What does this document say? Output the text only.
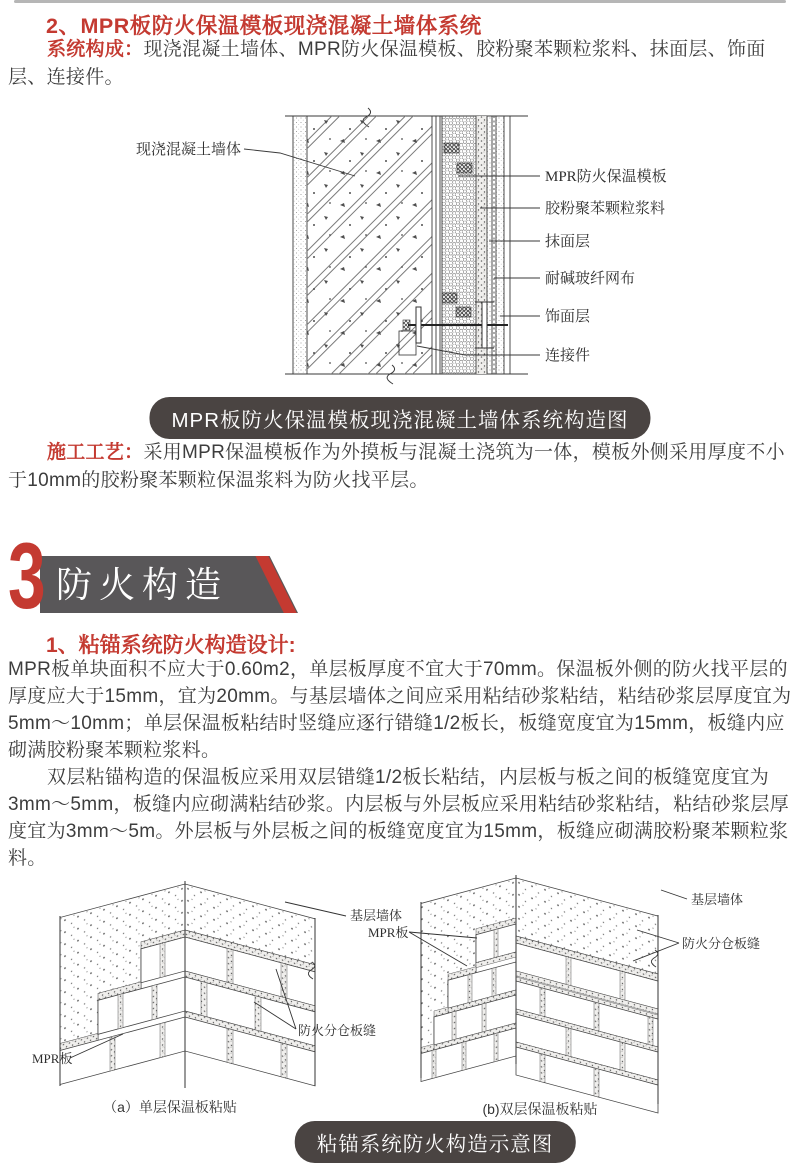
2、MPR板防火保温模板现浇混凝土墙体系统
系统构成：现浇混凝土墙体、MPR防火保温模板、胶粉聚苯颗粒浆料、抹面层、饰面层、连接件。
现浇混凝土墙体
MPR防火保温模板
胶粉聚苯颗粒浆料
抹面层
耐碱玻纤网布
饰面层
连接件
MPR板防火保温模板现浇混凝土墙体系统构造图
施工工艺：采用MPR保温模板作为外摸板与混凝土浇筑为一体，模板外侧采用厚度不小于10mm的胶粉聚苯颗粒保温浆料为防火找平层。
3 防火构造
1、粘锚系统防火构造设计:

MPR板单块面积不应大于0.60m2，单层板厚度不宜大于70mm。保温板外侧的防火找平层的厚度应大于15mm，宜为20mm。与基层墙体之间应采用粘结砂浆粘结，粘结砂浆层厚度宜为5mm～10mm；单层保温板粘结时竖缝应逐行错缝1/2板长，板缝宽度宜为15mm，板缝内应砌满胶粉聚苯颗粒浆料。

双层粘锚构造的保温板应采用双层错缝1/2板长粘结，内层板与板之间的板缝宽度宜为3mm～5mm，板缝内应砌满粘结砂浆。内层板与外层板应采用粘结砂浆粘结，粘结砂浆层厚度宜为3mm～5m。外层板与外层板之间的板缝宽度宜为15mm，板缝应砌满胶粉聚苯颗粒浆料。

基层墙体
防火分仓板缝
MPR板
基层墙体
防火分仓板缝
MPR板
（a）单层保温板粘贴	(b)双层保温板粘贴
粘锚系统防火构造示意图
